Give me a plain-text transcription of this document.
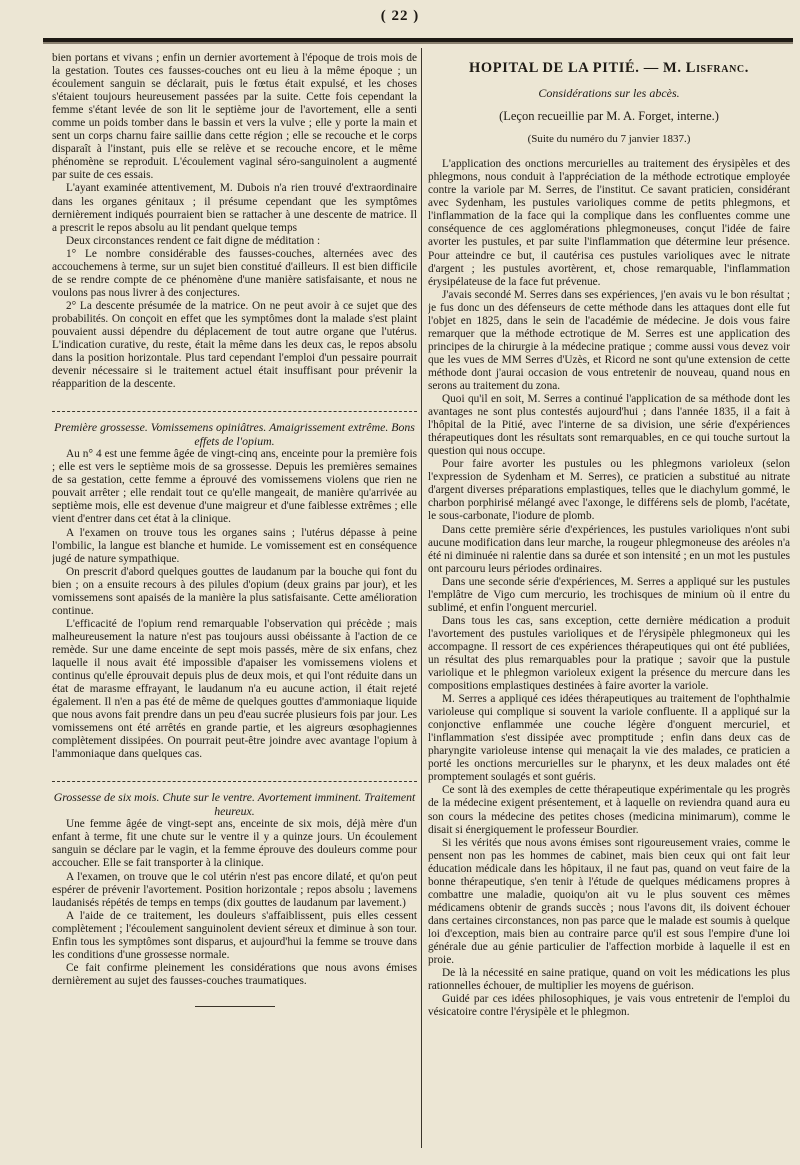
( 22 )

bien portans et vivans ; enfin un dernier avortement à l'époque de trois mois de la gestation. Toutes ces fausses-couches ont eu lieu à la même époque ; un écoulement sanguin se déclarait, puis le fœtus était expulsé, et les choses s'étaient toujours heureusement passées par la suite. Cette fois cependant la femme s'étant levée de son lit le septième jour de l'avortement, elle a senti comme un poids tomber dans le bassin et vers la vulve ; elle y porte la main et sent un corps charnu faire saillie dans cette région ; elle se recouche et le corps disparaît à l'instant, puis elle se relève et se recouche encore, et le même phénomène se reproduit. L'écoulement vaginal séro-sanguinolent a augmenté par suite de ces essais.

L'ayant examinée attentivement, M. Dubois n'a rien trouvé d'extraordinaire dans les organes génitaux ; il présume cependant que les symptômes dernièrement indiqués pourraient bien se rattacher à une descente de matrice. Il a prescrit le repos absolu au lit pendant quelque temps

Deux circonstances rendent ce fait digne de méditation :

1° Le nombre considérable des fausses-couches, alternées avec des accouchemens à terme, sur un sujet bien constitué d'ailleurs. Il est bien difficile de se rendre compte de ce phénomène d'une manière satisfaisante, et nous ne voulons pas nous livrer à des conjectures.

2° La descente présumée de la matrice. On ne peut avoir à ce sujet que des probabilités. On conçoit en effet que les symptômes dont la malade s'est plaint pouvaient aussi dépendre du déplacement de tout autre organe que l'utérus. L'indication curative, du reste, était la même dans les deux cas, le repos absolu dans la position horizontale. Plus tard cependant l'emploi d'un pessaire pourrait devenir nécessaire si le traitement actuel était insuffisant pour prévenir la réapparition de la descente.

Première grossesse. Vomissemens opiniâtres. Amaigrissement extrême. Bons effets de l'opium.

Au n° 4 est une femme âgée de vingt-cinq ans, enceinte pour la première fois ; elle est vers le septième mois de sa grossesse. Depuis les premières semaines de sa gestation, cette femme a éprouvé des vomissemens violens que rien ne pouvait arrêter ; elle rendait tout ce qu'elle mangeait, de manière qu'arrivée au septième mois, elle est devenue d'une maigreur et d'une faiblesse extrêmes ; elle vient d'entrer dans cet état à la clinique.

A l'examen on trouve tous les organes sains ; l'utérus dépasse à peine l'ombilic, la langue est blanche et humide. Le vomissement est en conséquence jugé de nature sympathique.

On prescrit d'abord quelques gouttes de laudanum par la bouche qui font du bien ; on a ensuite recours à des pilules d'opium (deux grains par jour), et les vomissemens sont apaisés de la manière la plus satisfaisante. Cette amélioration continue.

L'efficacité de l'opium rend remarquable l'observation qui précède ; mais malheureusement la nature n'est pas toujours aussi obéissante à l'action de ce remède. Sur une dame enceinte de sept mois passés, mère de six enfans, chez laquelle il nous avait été impossible d'apaiser les vomissemens violens et continus qu'elle éprouvait depuis plus de deux mois, et qui l'ont réduite dans un état de marasme effrayant, le laudanum n'a eu aucune action, il était rejeté également. Il n'en a pas été de même de quelques gouttes d'ammoniaque liquide que nous avons fait prendre dans un peu d'eau sucrée plusieurs fois par jour. Les vomissemens ont été arrêtés en grande partie, et les aigreurs œsophagiennes complètement dissipées. On pourrait peut-être joindre avec avantage l'opium à l'ammoniaque dans quelques cas.

Grossesse de six mois. Chute sur le ventre. Avortement imminent. Traitement heureux.

Une femme âgée de vingt-sept ans, enceinte de six mois, déjà mère d'un enfant à terme, fit une chute sur le ventre il y a quinze jours. Un écoulement sanguin se déclare par le vagin, et la femme éprouve des douleurs comme pour accoucher. Elle se fait transporter à la clinique.

A l'examen, on trouve que le col utérin n'est pas encore dilaté, et qu'on peut espérer de prévenir l'avortement. Position horizontale ; repos absolu ; lavemens laudanisés répétés de temps en temps (dix gouttes de laudanum par lavement.)

A l'aide de ce traitement, les douleurs s'affaiblissent, puis elles cessent complètement ; l'écoulement sanguinolent devient séreux et diminue à son tour. Enfin tous les symptômes sont disparus, et aujourd'hui la femme se trouve dans les conditions d'une grossesse normale.

Ce fait confirme pleinement les considérations que nous avons émises dernièrement au sujet des fausses-couches traumatiques.

HOPITAL DE LA PITIÉ. — M. Lisfranc.
Considérations sur les abcès.
(Leçon recueillie par M. A. Forget, interne.)
(Suite du numéro du 7 janvier 1837.)

L'application des onctions mercurielles au traitement des érysipèles et des phlegmons, nous conduit à l'appréciation de la méthode ectrotique employée contre la variole par M. Serres, de l'institut. Ce savant praticien, considérant avec Sydenham, les pustules varioliques comme de petits phlegmons, et l'inflammation de la face qui la complique dans les confluentes comme une conséquence de ces agglomérations phlegmoneuses, conçut l'idée de faire avorter les pustules, et par suite l'inflammation que détermine leur présence. Pour atteindre ce but, il cautérisa ces pustules varioliques avec le nitrate d'argent ; les pustules avortèrent, et, chose remarquable, l'inflammation érysipélateuse de la face fut prévenue.

J'avais secondé M. Serres dans ses expériences, j'en avais vu le bon résultat ; je fus donc un des défenseurs de cette méthode dans les attaques dont elle fut l'objet en 1825, dans le sein de l'académie de médecine. Je dois vous faire remarquer que la méthode ectrotique de M. Serres est une application des principes de la chirurgie à la médecine pratique ; comme aussi vous devez voir que les vues de MM Serres d'Uzès, et Ricord ne sont qu'une extension de cette méthode dont j'aurai occasion de vous entretenir de nouveau, quand nous en serons au traitement du zona.

Quoi qu'il en soit, M. Serres a continué l'application de sa méthode dont les avantages ne sont plus contestés aujourd'hui ; dans l'année 1835, il a fait à l'hôpital de la Pitié, avec l'interne de sa division, une série d'expériences thérapeutiques dont les résultats sont remarquables, en ce qui touche surtout la question qui nous occupe.

Pour faire avorter les pustules ou les phlegmons varioleux (selon l'expression de Sydenham et M. Serres), ce praticien a substitué au nitrate d'argent diverses préparations emplastiques, telles que le diachylum gommé, le charbon porphirisé mélangé avec l'axonge, le différens sels de plomb, l'acétate, le sous-carbonate, l'iodure de plomb.

Dans cette première série d'expériences, les pustules varioliques n'ont subi aucune modification dans leur marche, la rougeur phlegmoneuse des aréoles n'a été ni diminuée ni ralentie dans sa durée et son intensité ; en un mot les pustules ont parcouru leurs périodes ordinaires.

Dans une seconde série d'expériences, M. Serres a appliqué sur les pustules l'emplâtre de Vigo cum mercurio, les trochisques de minium où il entre du sublimé, et enfin l'onguent mercuriel.

Dans tous les cas, sans exception, cette dernière médication a produit l'avortement des pustules varioliques et de l'érysipèle phlegmoneux qui les accompagne. Il ressort de ces expériences thérapeutiques qui ont été publiées, un résultat des plus remarquables pour la pratique ; savoir que la pustule variolique et le phlegmon varioleux exigent la présence du mercure dans les compositions emplastiques destinées à faire avorter la variole.

M. Serres a appliqué ces idées thérapeutiques au traitement de l'ophthalmie varioleuse qui complique si souvent la variole confluente. Il a appliqué sur la conjonctive enflammée une couche légère d'onguent mercuriel, et l'inflammation s'est dissipée avec promptitude ; enfin dans deux cas de pharyngite varioleuse intense qui menaçait la vie des malades, ce praticien a porté les onctions mercurielles sur le pharynx, et les deux malades ont été promptement soulagés et sont guéris.

Ce sont là des exemples de cette thérapeutique expérimentale qu les progrès de la médecine exigent présentement, et à laquelle on reviendra quand aura eu son cours la médecine des petites choses (medicina minimarum), comme le disait si énergiquement le professeur Bourdier.

Si les vérités que nous avons émises sont rigoureusement vraies, comme le pensent non pas les hommes de cabinet, mais bien ceux qui ont fait leur éducation médicale dans les hôpitaux, il ne faut pas, quand on veut faire de la bonne thérapeutique, s'en tenir à l'étude de quelques médicamens propres à combattre une maladie, quoiqu'on ait vu le plus souvent ces mêmes médicamens obtenir de grands succès ; nous l'avons dit, ils doivent échouer dans certaines circonstances, non pas parce que le malade est soumis à quelque loi d'exception, mais bien au contraire parce qu'il est sous l'empire d'une loi générale due au génie particulier de l'affection morbide à laquelle il est en proie.

De là la nécessité en saine pratique, quand on voit les médications les plus rationnelles échouer, de multiplier les moyens de guérison.

Guidé par ces idées philosophiques, je vais vous entretenir de l'emploi du vésicatoire contre l'érysipèle et le phlegmon.
